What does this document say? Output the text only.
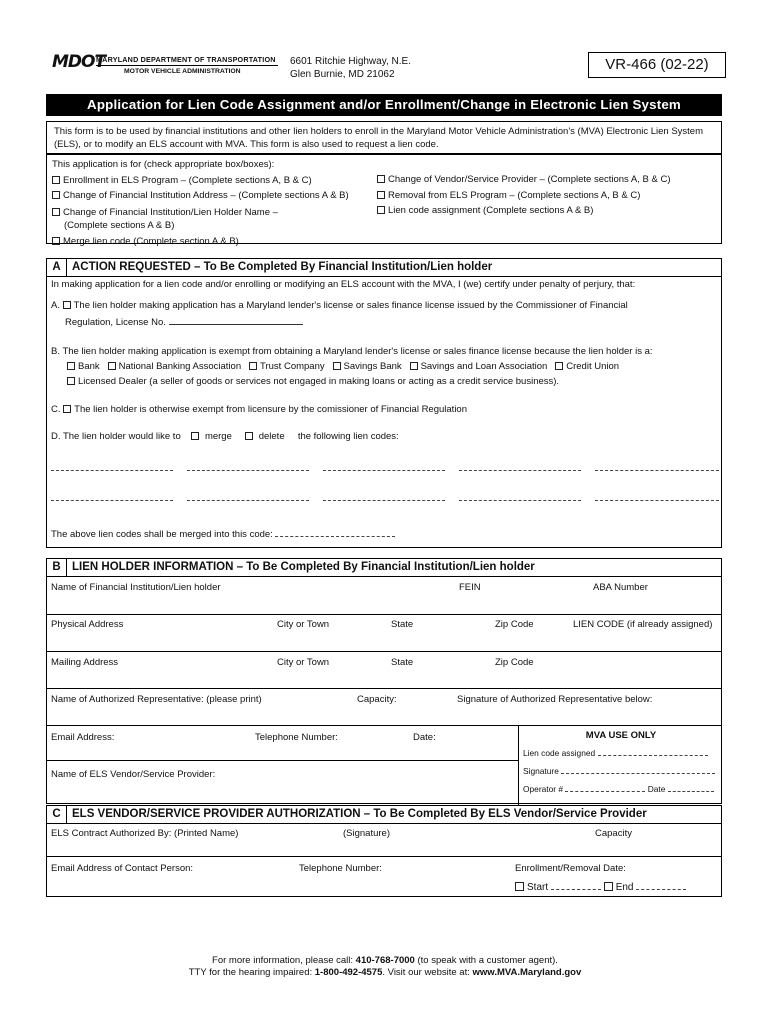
MDOT
MARYLAND DEPARTMENT OF TRANSPORTATION
MOTOR VEHICLE ADMINISTRATION
6601 Ritchie Highway, N.E.
Glen Burnie, MD 21062
VR-466 (02-22)
Application for Lien Code Assignment and/or Enrollment/Change in Electronic Lien System
This form is to be used by financial institutions and other lien holders to enroll in the Maryland Motor Vehicle Administration's (MVA) Electronic Lien System (ELS), or to modify an ELS account with MVA. This form is also used to request a lien code.
This application is for (check appropriate box/boxes):
Enrollment in ELS Program – (Complete sections A, B & C)
Change of Financial Institution Address – (Complete sections A & B)
Change of Financial Institution/Lien Holder Name –
(Complete sections A & B)
Merge lien code (Complete section A & B)
Change of Vendor/Service Provider – (Complete sections A, B & C)
Removal from ELS Program – (Complete sections A, B & C)
Lien code assignment (Complete sections A & B)
A ACTION REQUESTED – To Be Completed By Financial Institution/Lien holder
In making application for a lien code and/or enrolling or modifying an ELS account with the MVA, I (we) certify under penalty of perjury, that:
A. The lien holder making application has a Maryland lender's license or sales finance license issued by the Commissioner of Financial
Regulation, License No.
B. The lien holder making application is exempt from obtaining a Maryland lender's license or sales finance license because the lien holder is a:
Bank National Banking Association Trust Company Savings Bank Savings and Loan Association Credit Union
Licensed Dealer (a seller of goods or services not engaged in making loans or acting as a credit service business).
C. The lien holder is otherwise exempt from licensure by the comissioner of Financial Regulation
D. The lien holder would like to	merge	delete the following lien codes:
The above lien codes shall be merged into this code:
B LIEN HOLDER INFORMATION – To Be Completed By Financial Institution/Lien holder
Name of Financial Institution/Lien holder	FEIN	ABA Number
Physical Address	City or Town	State	Zip Code	LIEN CODE (if already assigned)
Mailing Address	City or Town	State	Zip Code
Name of Authorized Representative: (please print)	Capacity:	Signature of Authorized Representative below:
Email Address:	Telephone Number:	Date:
Name of ELS Vendor/Service Provider:
MVA USE ONLY
Lien code assigned
Signature
Operator #	Date
C ELS VENDOR/SERVICE PROVIDER AUTHORIZATION – To Be Completed By ELS Vendor/Service Provider
ELS Contract Authorized By: (Printed Name)	(Signature)	Capacity
Email Address of Contact Person:	Telephone Number:	Enrollment/Removal Date:
Start	End
For more information, please call: 410-768-7000 (to speak with a customer agent).
TTY for the hearing impaired: 1-800-492-4575. Visit our website at: www.MVA.Maryland.gov
